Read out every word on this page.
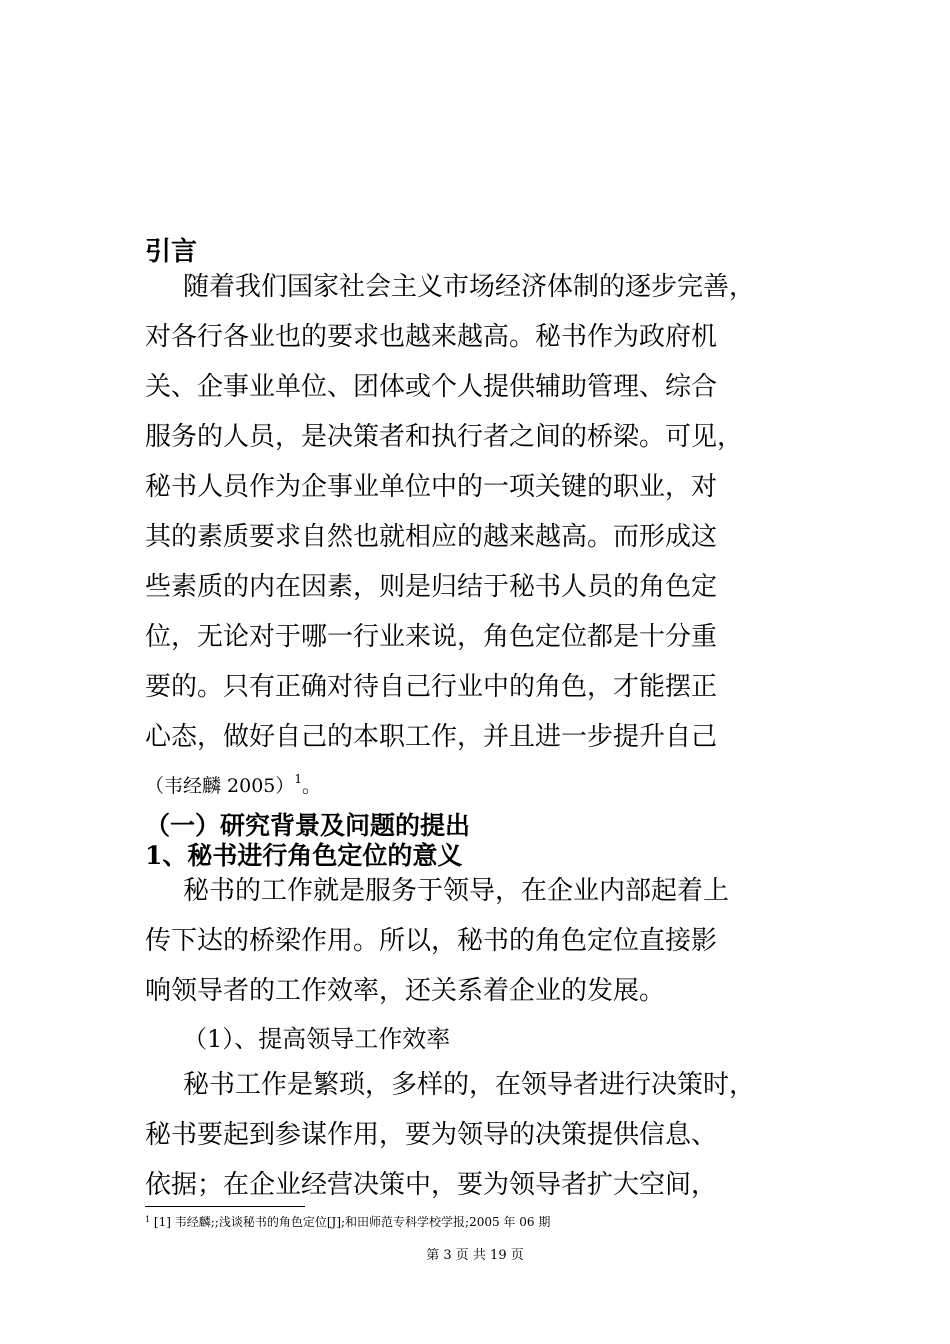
引言
随着我们国家社会主义市场经济体制的逐步完善，
对各行各业也的要求也越来越高。秘书作为政府机
关、企事业单位、团体或个人提供辅助管理、综合
服务的人员，是决策者和执行者之间的桥梁。可见，
秘书人员作为企事业单位中的一项关键的职业，对
其的素质要求自然也就相应的越来越高。而形成这
些素质的内在因素，则是归结于秘书人员的角色定
位，无论对于哪一行业来说，角色定位都是十分重
要的。只有正确对待自己行业中的角色，才能摆正
心态，做好自己的本职工作，并且进一步提升自己
（韦经麟 2005）$^1$。
（一）研究背景及问题的提出
1、秘书进行角色定位的意义
秘书的工作就是服务于领导，在企业内部起着上
传下达的桥梁作用。所以，秘书的角色定位直接影
响领导者的工作效率，还关系着企业的发展。
（1）、提高领导工作效率
秘书工作是繁琐，多样的，在领导者进行决策时，
秘书要起到参谋作用，要为领导的决策提供信息、
依据；在企业经营决策中，要为领导者扩大空间，
$^1$ [1] 韦经麟;;浅谈秘书的角色定位[J];和田师范专科学校学报;2005 年 06 期
第 3 页 共 19 页
